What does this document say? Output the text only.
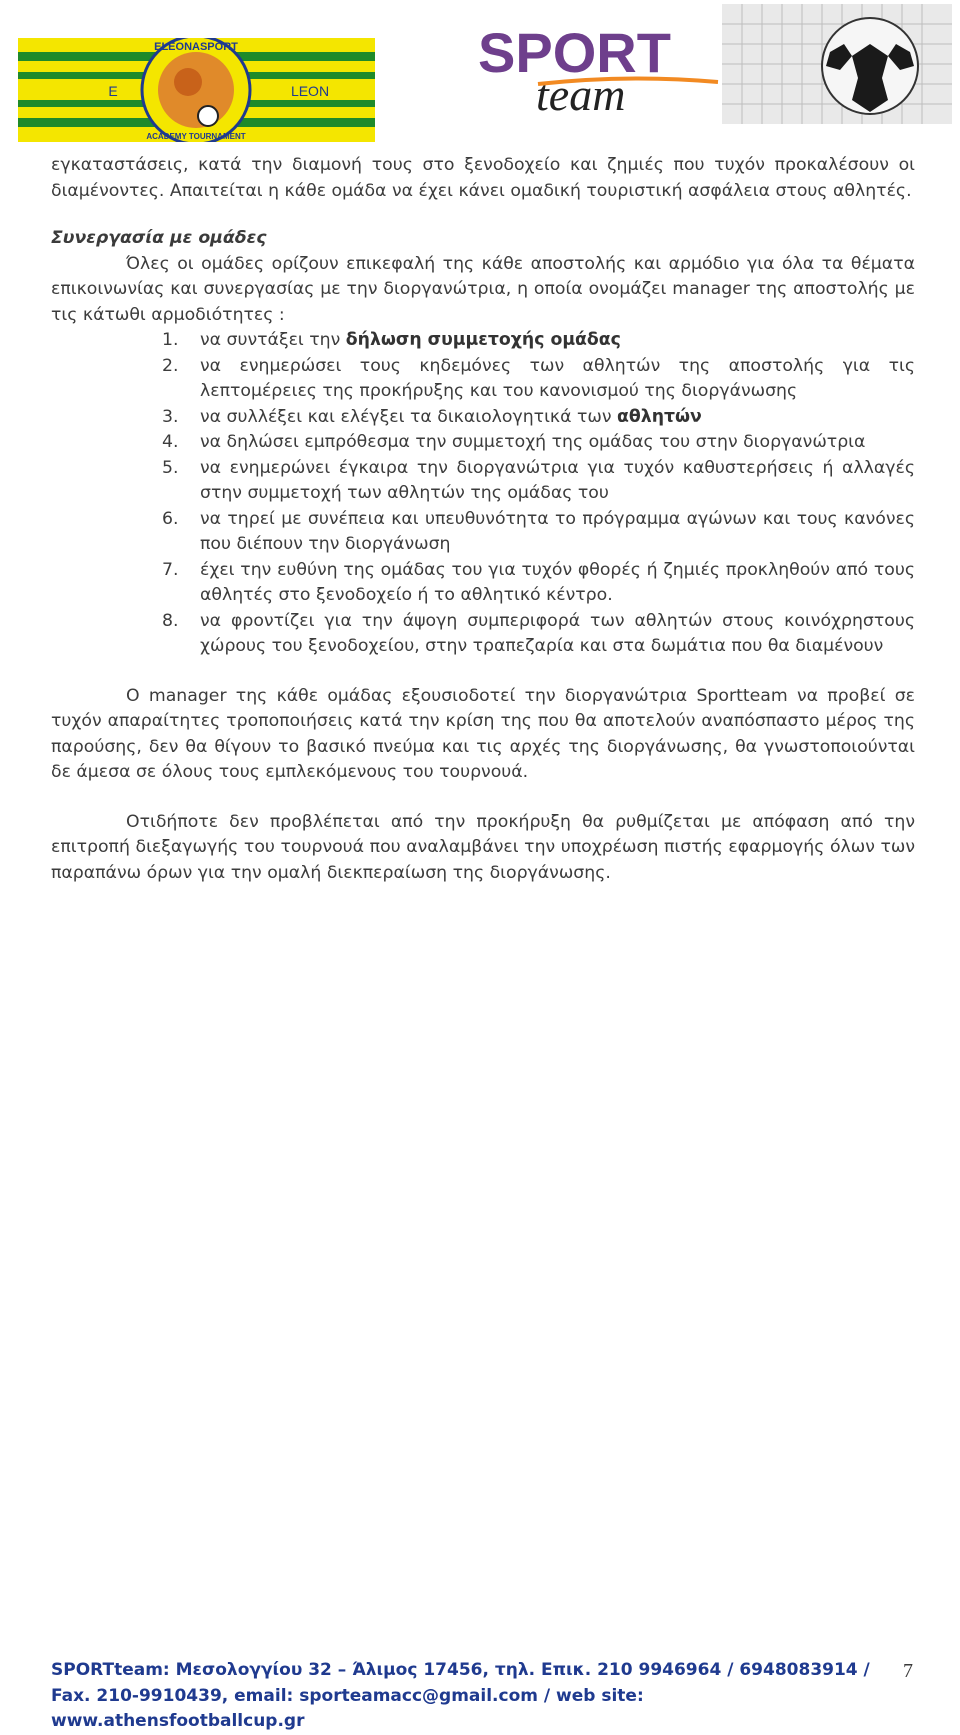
ELEONASPORT
E	LEON
ACADEMY TOURNAMENT
SPORT
team

εγκαταστάσεις, κατά την διαμονή τους στο ξενοδοχείο και ζημιές που τυχόν προκαλέσουν οι διαμένοντες. Απαιτείται η κάθε ομάδα να έχει κάνει ομαδική τουριστική ασφάλεια στους αθλητές.

Συνεργασία με ομάδες

Όλες οι ομάδες ορίζουν επικεφαλή της κάθε αποστολής και αρμόδιο για όλα τα θέματα επικοινωνίας και συνεργασίας με την διοργανώτρια, η οποία ονομάζει manager της αποστολής με τις κάτωθι αρμοδιότητες :

1. να συντάξει την δήλωση συμμετοχής ομάδας
2. να ενημερώσει τους κηδεμόνες των αθλητών της αποστολής για τις λεπτομέρειες της προκήρυξης και του κανονισμού της διοργάνωσης
3. να συλλέξει και ελέγξει τα δικαιολογητικά των αθλητών
4. να δηλώσει εμπρόθεσμα την συμμετοχή της ομάδας του στην διοργανώτρια
5. να ενημερώνει έγκαιρα την διοργανώτρια για τυχόν καθυστερήσεις ή αλλαγές στην συμμετοχή των αθλητών της ομάδας του
6. να τηρεί με συνέπεια και υπευθυνότητα το πρόγραμμα αγώνων και τους κανόνες που διέπουν την διοργάνωση
7. έχει την ευθύνη της ομάδας του για τυχόν φθορές ή ζημιές προκληθούν από τους αθλητές στο ξενοδοχείο ή το αθλητικό κέντρο.
8. να φροντίζει για την άψογη συμπεριφορά των αθλητών στους κοινόχρηστους χώρους του ξενοδοχείου, στην τραπεζαρία και στα δωμάτια που θα διαμένουν

Ο manager της κάθε ομάδας εξουσιοδοτεί την διοργανώτρια Sportteam να προβεί σε τυχόν απαραίτητες τροποποιήσεις κατά την κρίση της που θα αποτελούν αναπόσπαστο μέρος της παρούσης, δεν θα θίγουν το βασικό πνεύμα και τις αρχές της διοργάνωσης, θα γνωστοποιούνται δε άμεσα σε όλους τους εμπλεκόμενους του τουρνουά.

Οτιδήποτε δεν προβλέπεται από την προκήρυξη θα ρυθμίζεται με απόφαση από την επιτροπή διεξαγωγής του τουρνουά που αναλαμβάνει την υποχρέωση πιστής εφαρμογής όλων των παραπάνω όρων για την ομαλή διεκπεραίωση της διοργάνωσης.

SPORTteam: Μεσολογγίου 32 – Άλιμος 17456, τηλ. Επικ. 210 9946964 / 6948083914 / Fax. 210-9910439, email: sporteamacc@gmail.com / web site: www.athensfootballcup.gr
7
